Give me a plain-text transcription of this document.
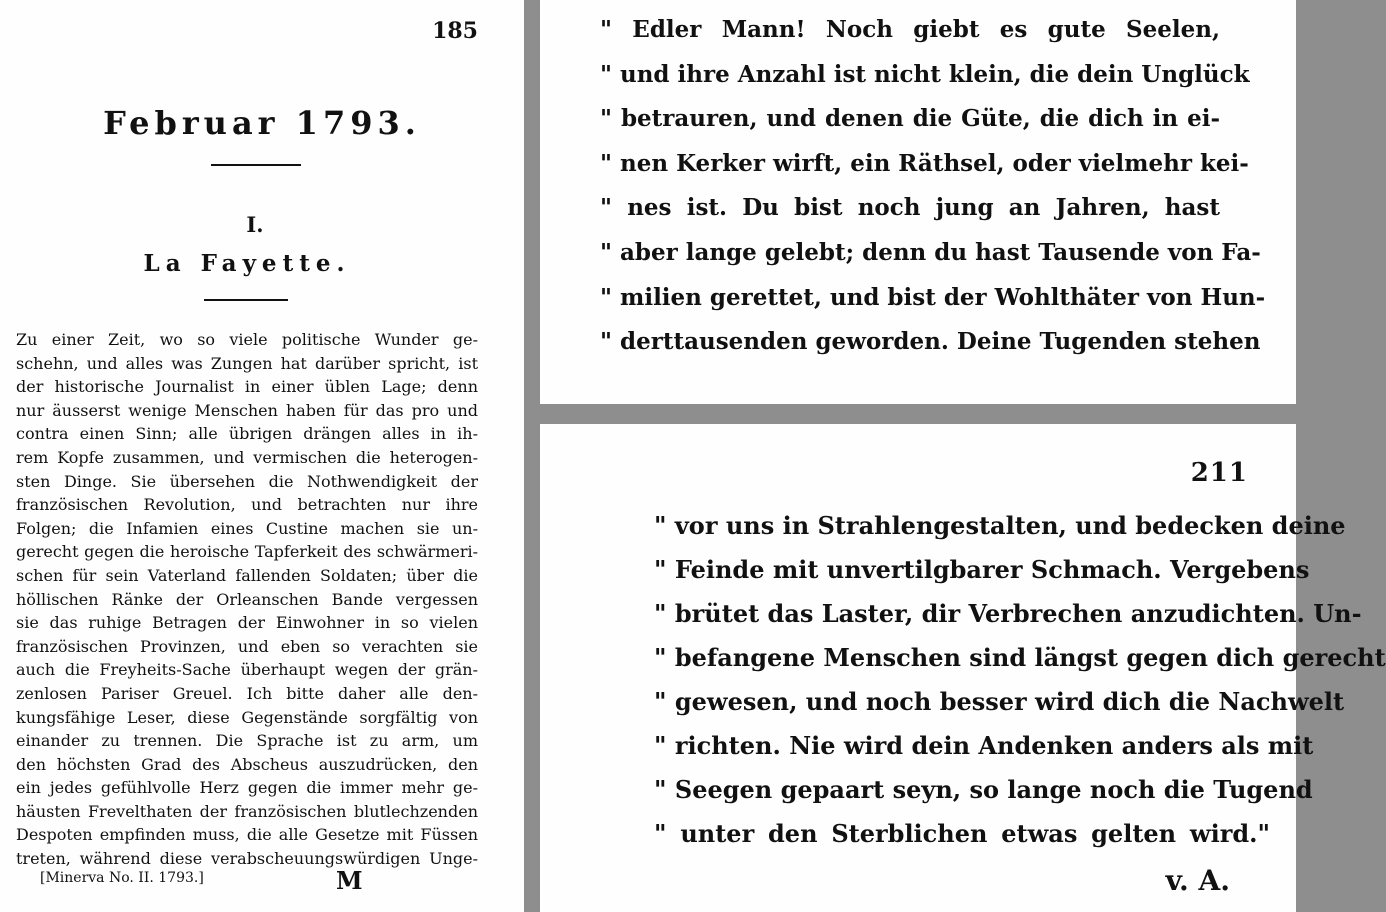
185
Februar 1793.
I.
La Fayette.
Zu einer Zeit, wo so viele politische Wunder ge-
schehn, und alles was Zungen hat darüber spricht, ist
der historische Journalist in einer üblen Lage; denn
nur äusserst wenige Menschen haben für das pro und
contra einen Sinn; alle übrigen drängen alles in ih-
rem Kopfe zusammen, und vermischen die heterogen-
sten Dinge. Sie übersehen die Nothwendigkeit der
französischen Revolution, und betrachten nur ihre
Folgen; die Infamien eines Custine machen sie un-
gerecht gegen die heroische Tapferkeit des schwärmeri-
schen für sein Vaterland fallenden Soldaten; über die
höllischen Ränke der Orleanschen Bande vergessen
sie das ruhige Betragen der Einwohner in so vielen
französischen Provinzen, und eben so verachten sie
auch die Freyheits-Sache überhaupt wegen der grän-
zenlosen Pariser Greuel. Ich bitte daher alle den-
kungsfähige Leser, diese Gegenstände sorgfältig von
einander zu trennen. Die Sprache ist zu arm, um
den höchsten Grad des Abscheus auszudrücken, den
ein jedes gefühlvolle Herz gegen die immer mehr ge-
häusten Frevelthaten der französischen blutlechzenden
Despoten empfinden muss, die alle Gesetze mit Füssen
treten, während diese verabscheuungswürdigen Unge-
[Minerva No. II. 1793.]	M
" Edler Mann! Noch giebt es gute Seelen,
" und ihre Anzahl ist nicht klein, die dein Unglück
" betrauren, und denen die Güte, die dich in ei-
" nen Kerker wirft, ein Räthsel, oder vielmehr kei-
" nes ist. Du bist noch jung an Jahren, hast
" aber lange gelebt; denn du hast Tausende von Fa-
" milien gerettet, und bist der Wohlthäter von Hun-
" derttausenden geworden. Deine Tugenden stehen
211
" vor uns in Strahlengestalten, und bedecken deine
" Feinde mit unvertilgbarer Schmach. Vergebens
" brütet das Laster, dir Verbrechen anzudichten. Un-
" befangene Menschen sind längst gegen dich gerecht
" gewesen, und noch besser wird dich die Nachwelt
" richten. Nie wird dein Andenken anders als mit
" Seegen gepaart seyn, so lange noch die Tugend
" unter den Sterblichen etwas gelten wird."
v. A.
